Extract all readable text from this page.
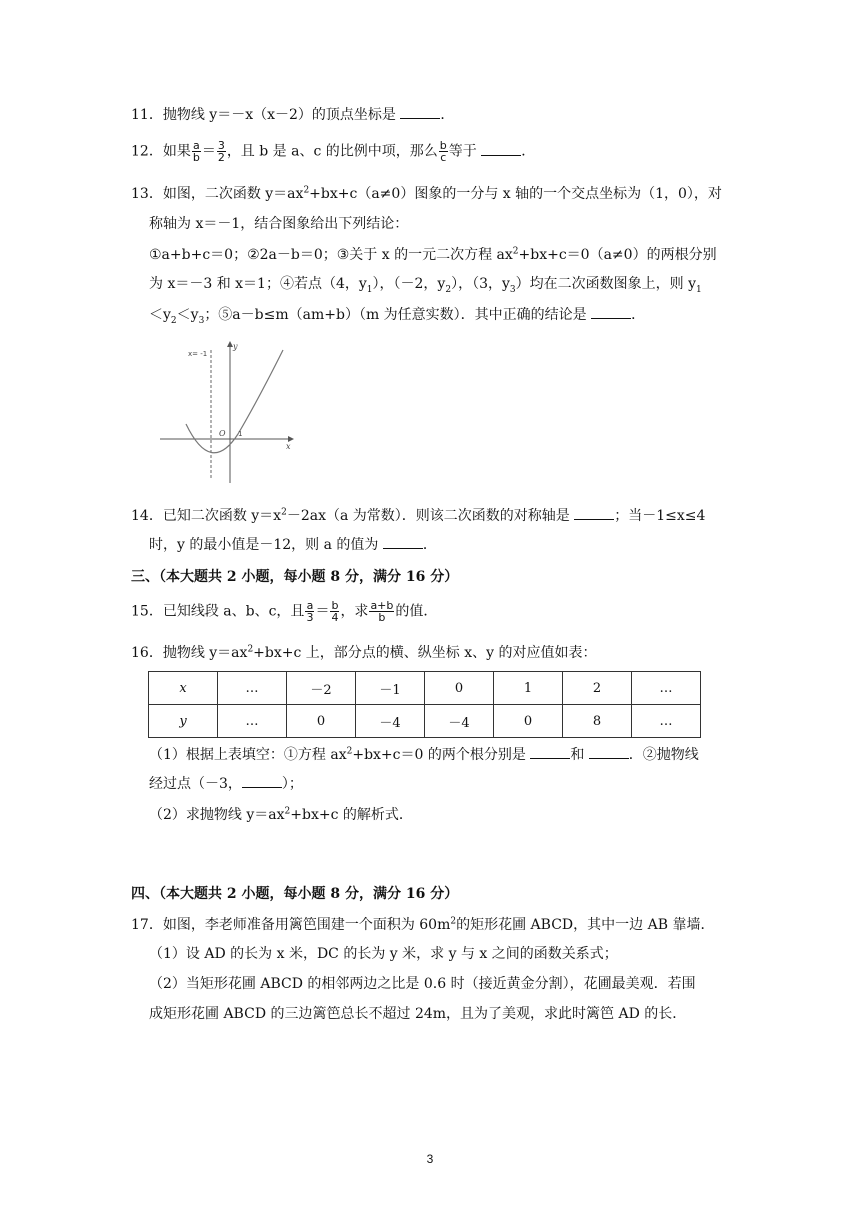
11．抛物线 y＝－x（x－2）的顶点坐标是	．
12．如果 $\frac{a}{b} = \frac{3}{2}$ ，且 b 是 a、c 的比例中项，那么 $\frac{b}{c}$ 等于	．
13．如图，二次函数 $y=ax^2+bx+c(a\ne 0)$图象的一分与 x 轴的一个交点坐标为（1，0），对
称轴为 x＝－1，结合图象给出下列结论：
①a+b+c＝0；②2a－b＝0；③关于 x 的一元二次方程 $ax^2+bx+c=0(a\ne 0)$的两根分别
为 x＝－3 和 x＝1；④若点（4，$y_1$），（－2，$y_2$），（3，$y_3$）均在二次函数图象上，则 $y_1$
$<y_2<y_3$；⑤a－b≤m（am+b）（m 为任意实数）．其中正确的结论是	．
x= -1
y
x
O 1
14．已知二次函数 $y=x^2-2ax(a$ 为常数）．则该二次函数的对称轴是	；当－1≤x≤4
时，y 的最小值是－12，则 a 的值为	．
三、（本大题共 2 小题，每小题 8 分，满分 16 分）
15．已知线段 a、b、c，且 $\frac{a}{3} = \frac{b}{4}$ ，求 $\frac{a+b}{b}$ 的值．
16．抛物线 $y=ax^2+bx+c$ 上，部分点的横、纵坐标 x、y 的对应值如表：
x	…	－2	－1	0	1	2	…
y	…	0	－4	－4	0	8	…
（1）根据上表填空：①方程 $ax^2+bx+c=0$ 的两个根分别是	和	．②抛物线
经过点（－3，	）；
（2）求抛物线 $y=ax^2+bx+c$ 的解析式．
四、（本大题共 2 小题，每小题 8 分，满分 16 分）
17．如图，李老师准备用篱笆围建一个面积为 $60m^2$的矩形花圃 ABCD，其中一边 AB 靠墙．
（1）设 AD 的长为 x 米，DC 的长为 y 米，求 y 与 x 之间的函数关系式；
（2）当矩形花圃 ABCD 的相邻两边之比是 0.6 时（接近黄金分割），花圃最美观．若围
成矩形花圃 ABCD 的三边篱笆总长不超过 24m，且为了美观，求此时篱笆 AD 的长．
3
